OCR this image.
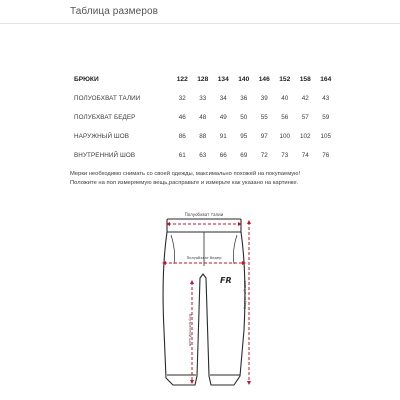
Таблица размеров
БРЮКИ	122	128	134	140	146	152	158	164
ПОЛУОБХВАТ ТАЛИИ	32	33	34	36	39	40	42	43
ПОЛУБХВАТ БЕДЕР	46	48	49	50	55	56	57	59
НАРУЖНЫЙ ШОВ	86	88	91	95	97	100	102	105
ВНУТРЕННИЙ ШОВ	61	63	66	69	72	73	74	76
Мерки необходимо снимать со своей одежды, максимально похожей на покупаемую!
Положите на пол измеряемую вещь,расправьте и измерьте как указано на картинке.
FR
Полуобхват талии
Полуобхват бедер
Наружный шов
Внутренний шов
